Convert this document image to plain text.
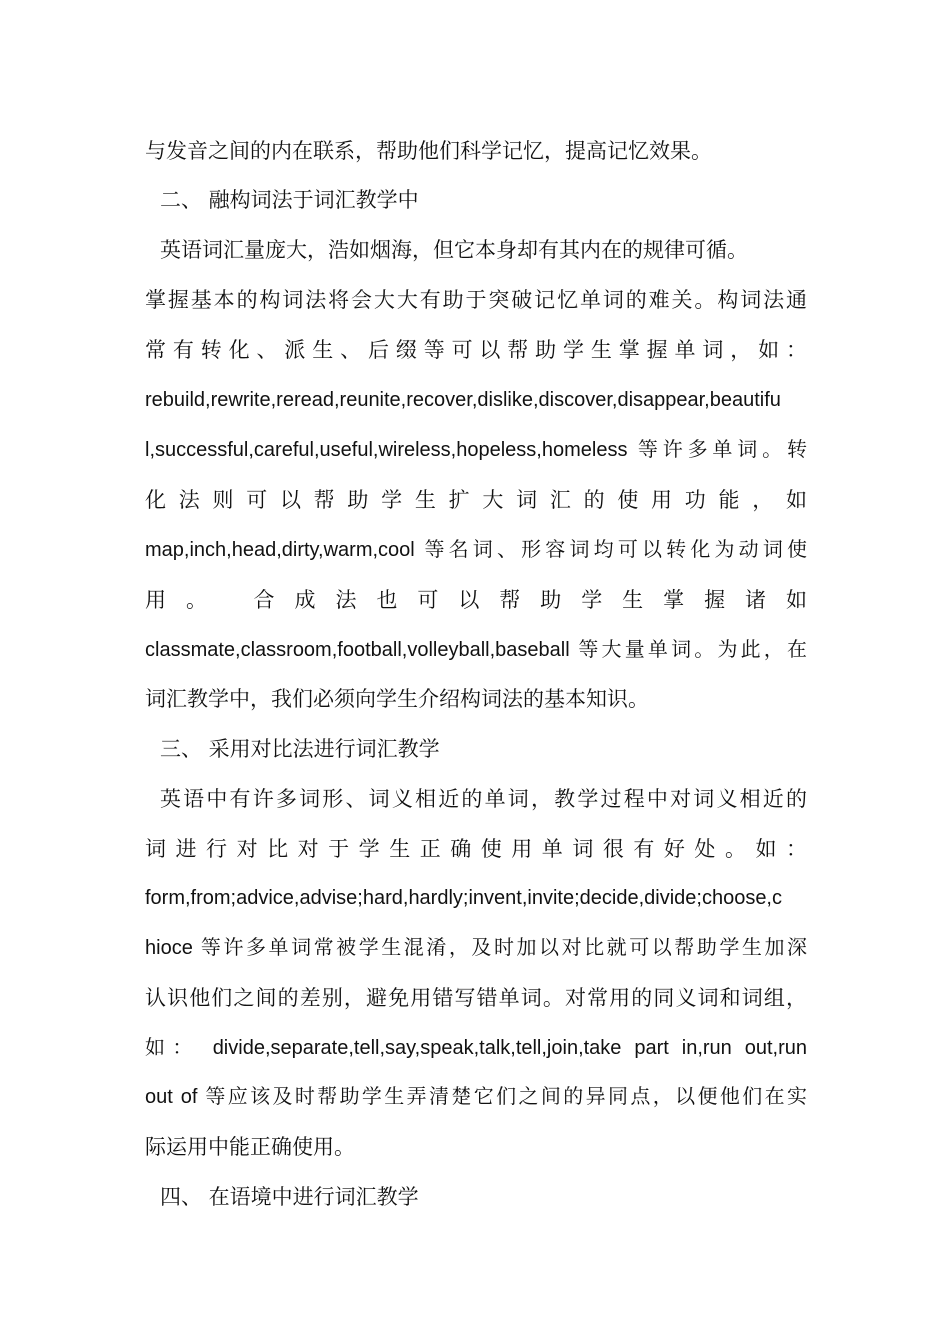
与发音之间的内在联系，帮助他们科学记忆，提高记忆效果。
二、 融构词法于词汇教学中
英语词汇量庞大，浩如烟海，但它本身却有其内在的规律可循。
掌握基本的构词法将会大大有助于突破记忆单词的难关。构词法通
常有转化、派生、后缀等可以帮助学生掌握单词，如：
rebuild,rewrite,reread,reunite,recover,dislike,discover,disappear,beautifu
l,successful,careful,useful,wireless,hopeless,homeless 等许多单词。转
化法则可以帮助学生扩大词汇的使用功能，如
map,inch,head,dirty,warm,cool 等名词、形容词均可以转化为动词使
用。 合成法也可以帮助学生掌握诸如
classmate,classroom,football,volleyball,baseball 等大量单词。为此，在
词汇教学中，我们必须向学生介绍构词法的基本知识。
三、 采用对比法进行词汇教学
英语中有许多词形、词义相近的单词，教学过程中对词义相近的
词进行对比对于学生正确使用单词很有好处。如：
form,from;advice,advise;hard,hardly;invent,invite;decide,divide;choose,c
hioce 等许多单词常被学生混淆，及时加以对比就可以帮助学生加深
认识他们之间的差别，避免用错写错单词。对常用的同义词和词组，
如： divide,separate,tell,say,speak,talk,tell,join,take part in,run out,run
out of 等应该及时帮助学生弄清楚它们之间的异同点，以便他们在实
际运用中能正确使用。
四、 在语境中进行词汇教学
